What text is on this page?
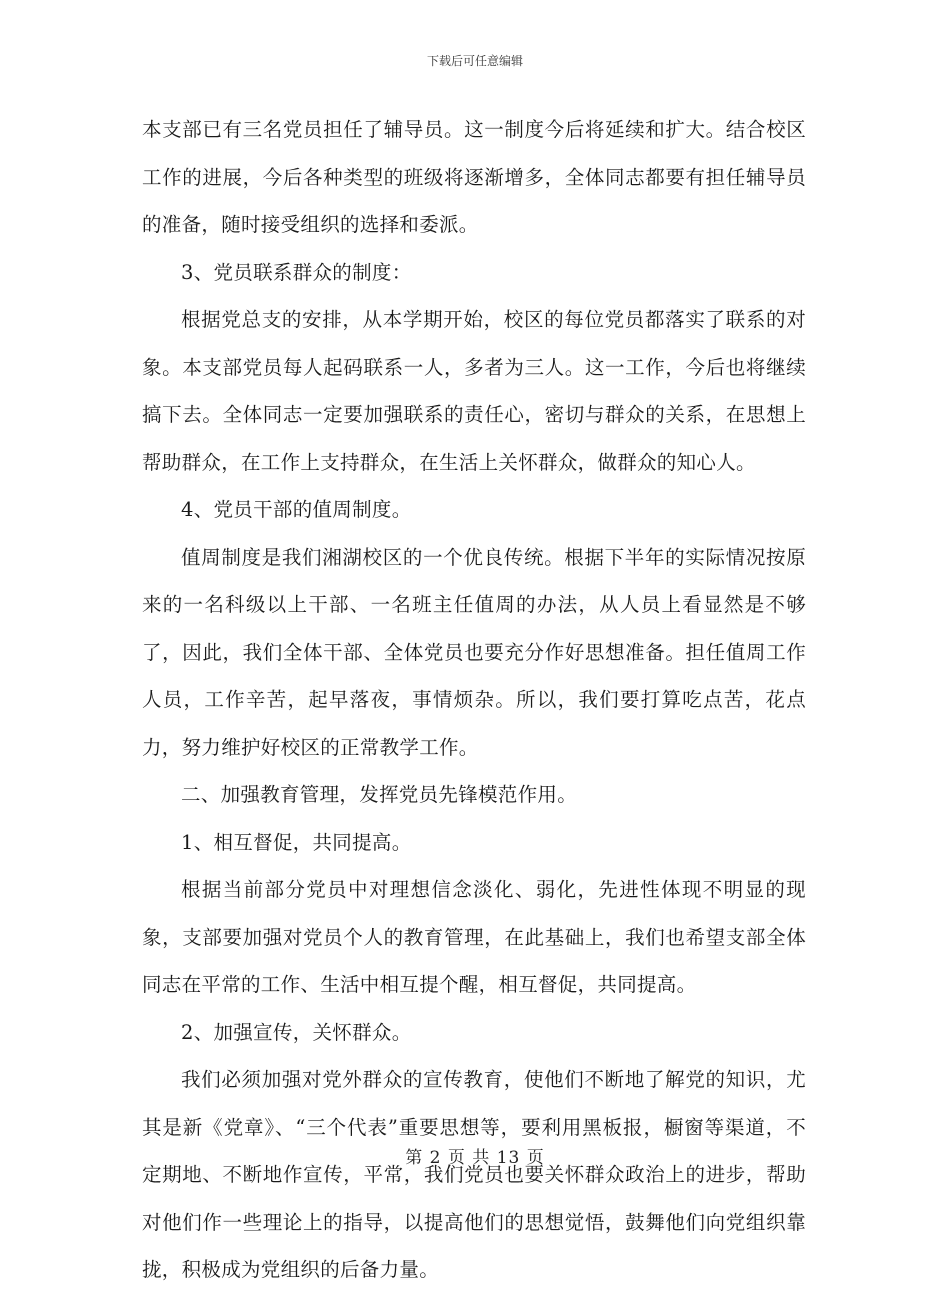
下载后可任意编辑

本支部已有三名党员担任了辅导员。这一制度今后将延续和扩大。结合校区工作的进展，今后各种类型的班级将逐渐增多，全体同志都要有担任辅导员的准备，随时接受组织的选择和委派。

3、党员联系群众的制度：

根据党总支的安排，从本学期开始，校区的每位党员都落实了联系的对象。本支部党员每人起码联系一人，多者为三人。这一工作，今后也将继续搞下去。全体同志一定要加强联系的责任心，密切与群众的关系，在思想上帮助群众，在工作上支持群众，在生活上关怀群众，做群众的知心人。

4、党员干部的值周制度。

值周制度是我们湘湖校区的一个优良传统。根据下半年的实际情况按原来的一名科级以上干部、一名班主任值周的办法，从人员上看显然是不够了，因此，我们全体干部、全体党员也要充分作好思想准备。担任值周工作人员，工作辛苦，起早落夜，事情烦杂。所以，我们要打算吃点苦，花点力，努力维护好校区的正常教学工作。

二、加强教育管理，发挥党员先锋模范作用。

1、相互督促，共同提高。

根据当前部分党员中对理想信念淡化、弱化，先进性体现不明显的现象，支部要加强对党员个人的教育管理，在此基础上，我们也希望支部全体同志在平常的工作、生活中相互提个醒，相互督促，共同提高。

2、加强宣传，关怀群众。

我们必须加强对党外群众的宣传教育，使他们不断地了解党的知识，尤其是新《党章》、“三个代表”重要思想等，要利用黑板报，橱窗等渠道，不定期地、不断地作宣传，平常，我们党员也要关怀群众政治上的进步，帮助对他们作一些理论上的指导，以提高他们的思想觉悟，鼓舞他们向党组织靠拢，积极成为党组织的后备力量。

第 2 页 共 13 页
